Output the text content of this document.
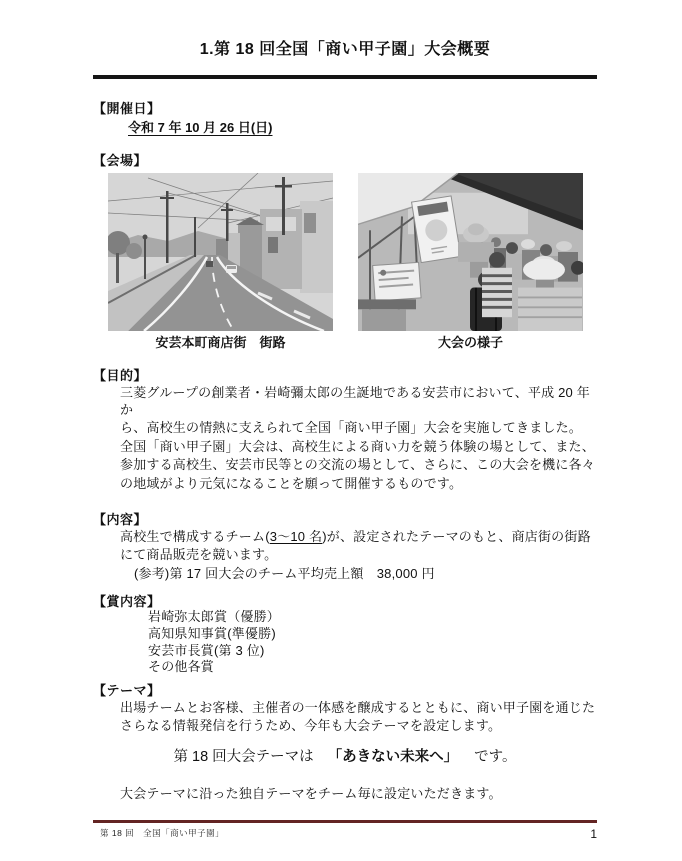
1.第 18 回全国「商い甲子園」大会概要
【開催日】
令和 7 年 10 月 26 日(日)
【会場】
安芸本町商店街　街路	大会の様子
【目的】
三菱グループの創業者・岩崎彌太郎の生誕地である安芸市において、平成 20 年か
ら、高校生の情熱に支えられて全国「商い甲子園」大会を実施してきました。
全国「商い甲子園」大会は、高校生による商い力を競う体験の場として、また、
参加する高校生、安芸市民等との交流の場として、さらに、この大会を機に各々
の地域がより元気になることを願って開催するものです。
【内容】
高校生で構成するチーム(3～10 名)が、設定されたテーマのもと、商店街の街路
にて商品販売を競います。
(参考)第 17 回大会のチーム平均売上額　38,000 円
【賞内容】
岩崎弥太郎賞（優勝）
高知県知事賞(準優勝)
安芸市長賞(第 3 位)
その他各賞
【テーマ】
出場チームとお客様、主催者の一体感を醸成するとともに、商い甲子園を通じた
さらなる情報発信を行うため、今年も大会テーマを設定します。
第 18 回大会テーマは 「あきない未来へ」 です。
大会テーマに沿った独自テーマをチーム毎に設定いただきます。
第 18 回　全国「商い甲子園」	1
